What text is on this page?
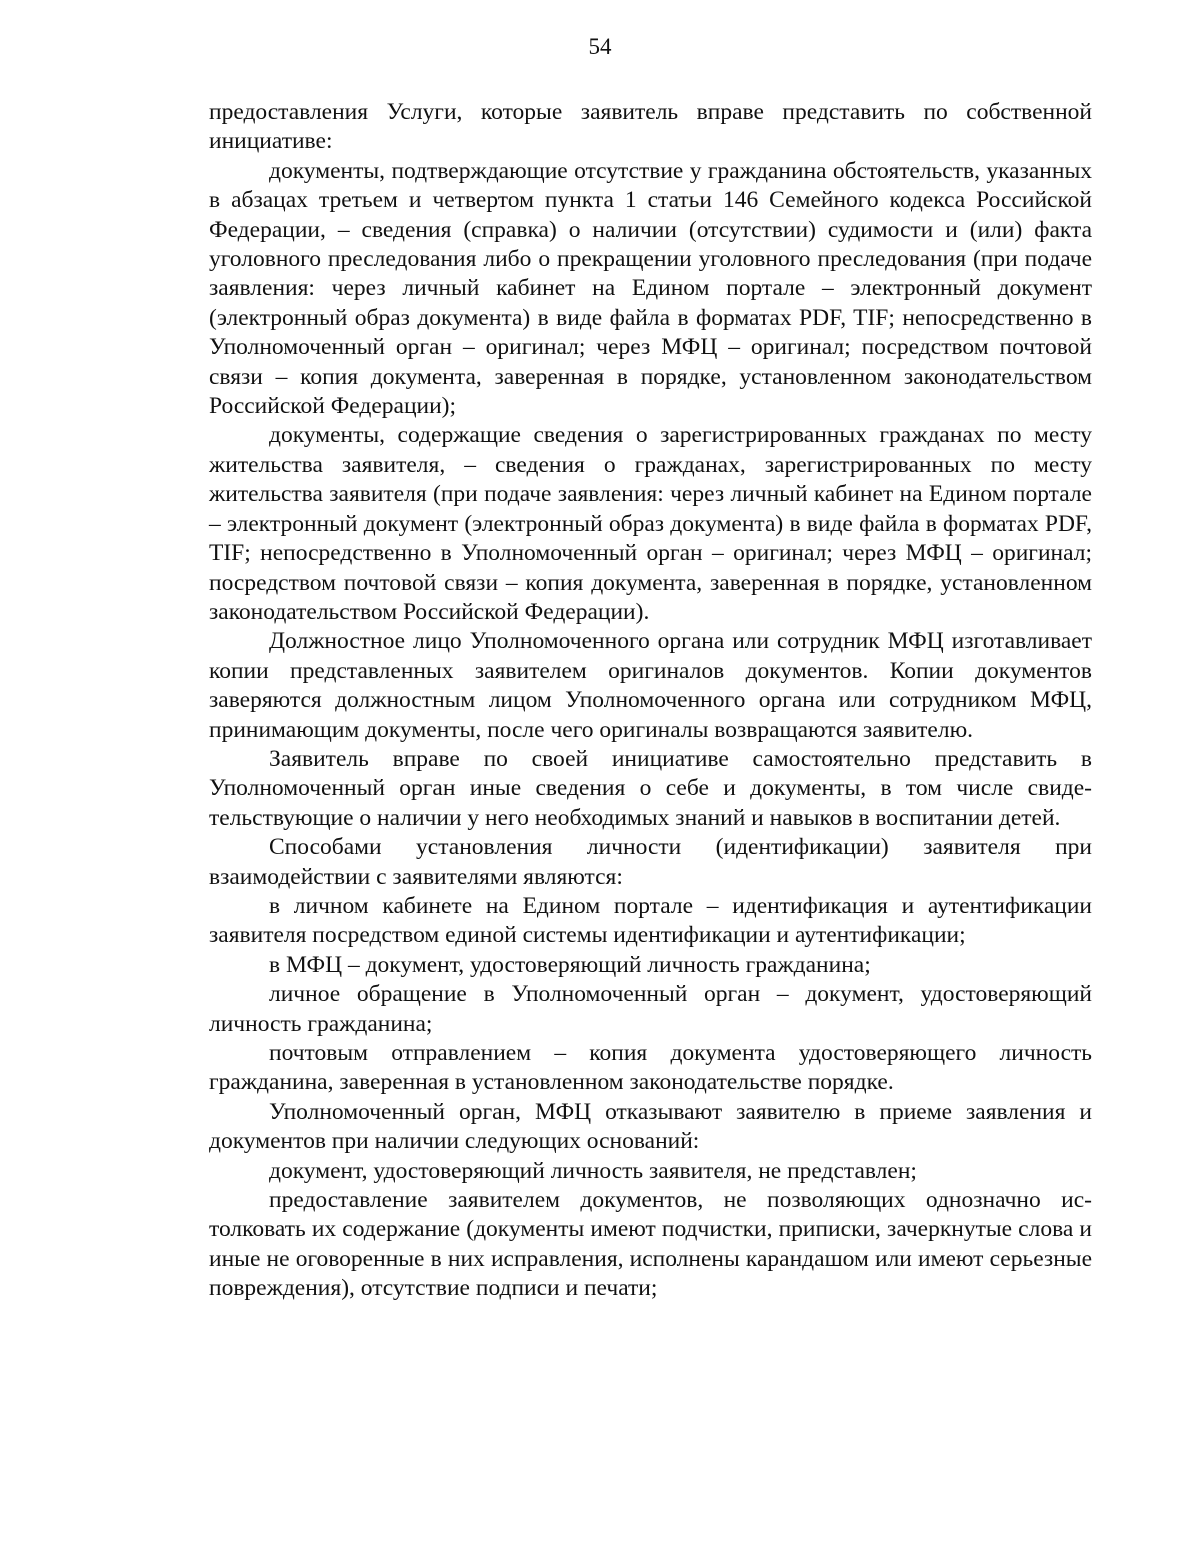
54

предоставления Услуги, которые заявитель вправе представить по собственной инициативе:

документы, подтверждающие отсутствие у гражданина обстоятельств, указанных в абзацах третьем и четвертом пункта 1 статьи 146 Семейного кодекса Российской Федерации, – сведения (справка) о наличии (отсутствии) судимости и (или) факта уголовного преследования либо о прекращении уголовного преследования (при подаче заявления: через личный кабинет на Едином портале – электронный документ (электронный образ документа) в виде файла в форматах PDF, TIF; непосредственно в Уполномоченный орган – оригинал; через МФЦ – оригинал; посредством почтовой связи – копия документа, заверенная в порядке, установленном законодательством Российской Федерации);

документы, содержащие сведения о зарегистрированных гражданах по месту жительства заявителя, – сведения о гражданах, зарегистрированных по месту жительства заявителя (при подаче заявления: через личный кабинет на Едином портале – электронный документ (электронный образ документа) в виде файла в форматах PDF, TIF; непосредственно в Уполномоченный орган – оригинал; через МФЦ – оригинал; посредством почтовой связи – копия документа, заверенная в порядке, установленном законодательством Российской Федерации).

Должностное лицо Уполномоченного органа или сотрудник МФЦ изготавливает копии представленных заявителем оригиналов документов. Копии документов заверяются должностным лицом Уполномоченного органа или сотрудником МФЦ, принимающим документы, после чего оригиналы возвращаются заявителю.

Заявитель вправе по своей инициативе самостоятельно представить в Уполномоченный орган иные сведения о себе и документы, в том числе свидетельствующие о наличии у него необходимых знаний и навыков в воспитании детей.

Способами установления личности (идентификации) заявителя при взаимодействии с заявителями являются:

в личном кабинете на Едином портале – идентификация и аутентификации заявителя посредством единой системы идентификации и аутентификации;

в МФЦ – документ, удостоверяющий личность гражданина;

личное обращение в Уполномоченный орган – документ, удостоверяющий личность гражданина;

почтовым отправлением – копия документа удостоверяющего личность гражданина, заверенная в установленном законодательстве порядке.

Уполномоченный орган, МФЦ отказывают заявителю в приеме заявления и документов при наличии следующих оснований:

документ, удостоверяющий личность заявителя, не представлен;

предоставление заявителем документов, не позволяющих однозначно истолковать их содержание (документы имеют подчистки, приписки, зачеркнутые слова и иные не оговоренные в них исправления, исполнены карандашом или имеют серьезные повреждения), отсутствие подписи и печати;
